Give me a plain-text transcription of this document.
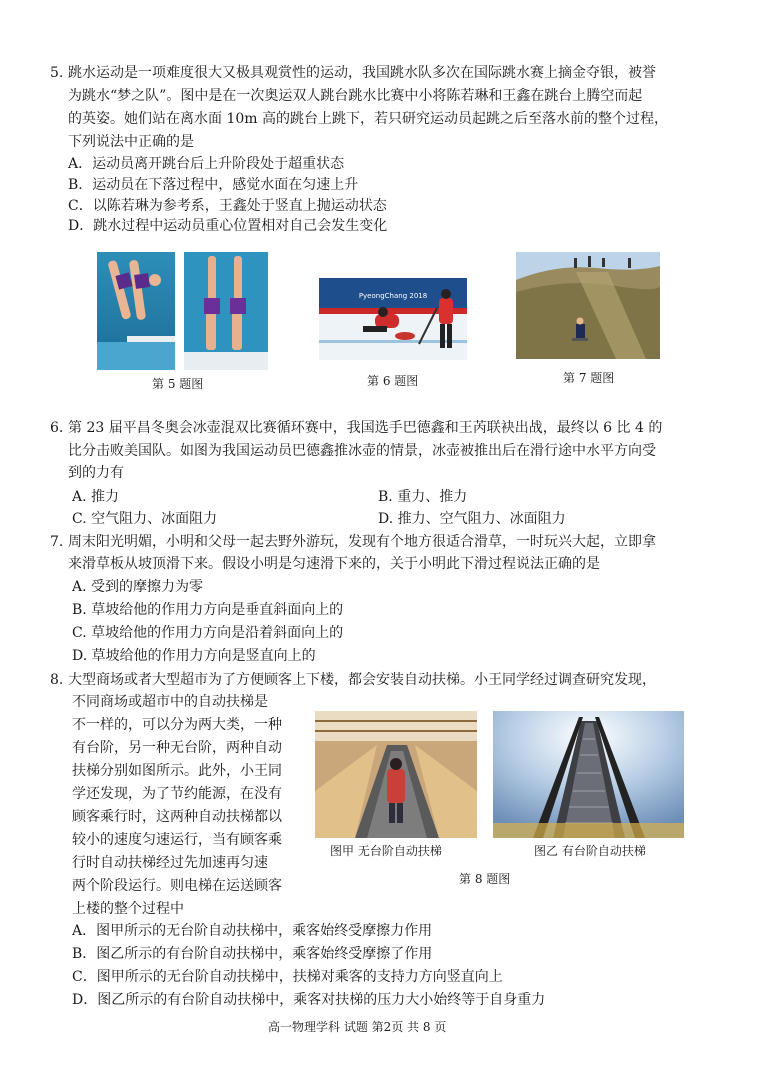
5. 跳水运动是一项难度很大又极具观赏性的运动，我国跳水队多次在国际跳水赛上摘金夺银，被誉
为跳水“梦之队”。图中是在一次奥运双人跳台跳水比赛中小将陈若琳和王鑫在跳台上腾空而起
的英姿。她们站在离水面 10m 高的跳台上跳下，若只研究运动员起跳之后至落水前的整个过程，
下列说法中正确的是
A．运动员离开跳台后上升阶段处于超重状态
B．运动员在下落过程中，感觉水面在匀速上升
C．以陈若琳为参考系，王鑫处于竖直上抛运动状态
D．跳水过程中运动员重心位置相对自己会发生变化
第 5 题图
PyeongChang 2018
第 6 题图	第 7 题图
6. 第 23 届平昌冬奥会冰壶混双比赛循环赛中，我国选手巴德鑫和王芮联袂出战，最终以 6 比 4 的
比分击败美国队。如图为我国运动员巴德鑫推冰壶的情景，冰壶被推出后在滑行途中水平方向受
到的力有
A. 推力	B. 重力、推力
C. 空气阻力、冰面阻力	D. 推力、空气阻力、冰面阻力
7. 周末阳光明媚，小明和父母一起去野外游玩，发现有个地方很适合滑草，一时玩兴大起，立即拿
来滑草板从坡顶滑下来。假设小明是匀速滑下来的，关于小明此下滑过程说法正确的是
A. 受到的摩擦力为零
B. 草坡给他的作用力方向是垂直斜面向上的
C. 草坡给他的作用力方向是沿着斜面向上的
D. 草坡给他的作用力方向是竖直向上的
8. 大型商场或者大型超市为了方便顾客上下楼，都会安装自动扶梯。小王同学经过调查研究发现，
不同商场或超市中的自动扶梯是
不一样的，可以分为两大类，一种
有台阶，另一种无台阶，两种自动
扶梯分别如图所示。此外，小王同
学还发现，为了节约能源，在没有
顾客乘行时，这两种自动扶梯都以
较小的速度匀速运行，当有顾客乘
行时自动扶梯经过先加速再匀速
两个阶段运行。则电梯在运送顾客
上楼的整个过程中
图甲 无台阶自动扶梯	图乙 有台阶自动扶梯
第 8 题图
A．图甲所示的无台阶自动扶梯中，乘客始终受摩擦力作用
B．图乙所示的有台阶自动扶梯中，乘客始终受摩擦了作用
C．图甲所示的无台阶自动扶梯中，扶梯对乘客的支持力方向竖直向上
D．图乙所示的有台阶自动扶梯中，乘客对扶梯的压力大小始终等于自身重力
高一物理学科 试题 第2页 共 8 页
